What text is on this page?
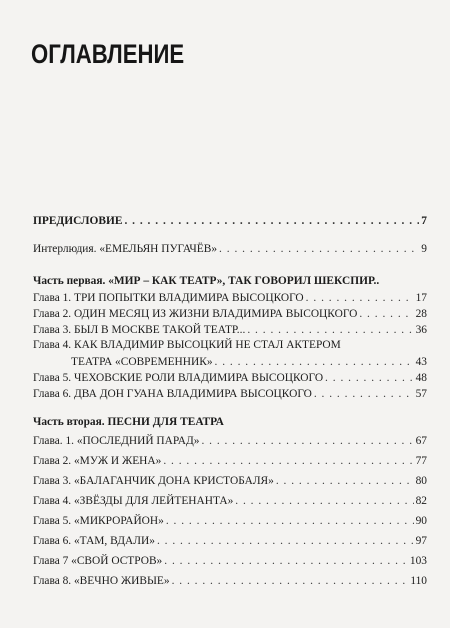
ОГЛАВЛЕНИЕ
ПРЕДИСЛОВИЕ . . .	7
Интерлюдия. «ЕМЕЛЬЯН ПУГАЧЁВ» . . .	9
Часть первая. «МИР – КАК ТЕАТР», ТАК ГОВОРИЛ ШЕКСПИР..
Глава 1. ТРИ ПОПЫТКИ ВЛАДИМИРА ВЫСОЦКОГО . . .	17
Глава 2. ОДИН МЕСЯЦ ИЗ ЖИЗНИ ВЛАДИМИРА ВЫСОЦКОГО . . .	28
Глава 3. БЫЛ В МОСКВЕ ТАКОЙ ТЕАТР... . . .	36
Глава 4. КАК ВЛАДИМИР ВЫСОЦКИЙ НЕ СТАЛ АКТЕРОМ
ТЕАТРА «СОВРЕМЕННИК» . . .	43
Глава 5. ЧЕХОВСКИЕ РОЛИ ВЛАДИМИРА ВЫСОЦКОГО . . .	48
Глава 6. ДВА ДОН ГУАНА ВЛАДИМИРА ВЫСОЦКОГО . . .	57
Часть вторая. ПЕСНИ ДЛЯ ТЕАТРА
Глава. 1. «ПОСЛЕДНИЙ ПАРАД» . . .	67
Глава 2. «МУЖ И ЖЕНА» . . .	77
Глава 3. «БАЛАГАНЧИК ДОНА КРИСТОБАЛЯ» . . .	80
Глава 4. «ЗВЁЗДЫ ДЛЯ ЛЕЙТЕНАНТА» . . .	82
Глава 5. «МИКРОРАЙОН» . . .	90
Глава 6. «ТАМ, ВДАЛИ» . . .	97
Глава 7 «СВОЙ ОСТРОВ» . . .	103
Глава 8. «ВЕЧНО ЖИВЫЕ» . . .	110
